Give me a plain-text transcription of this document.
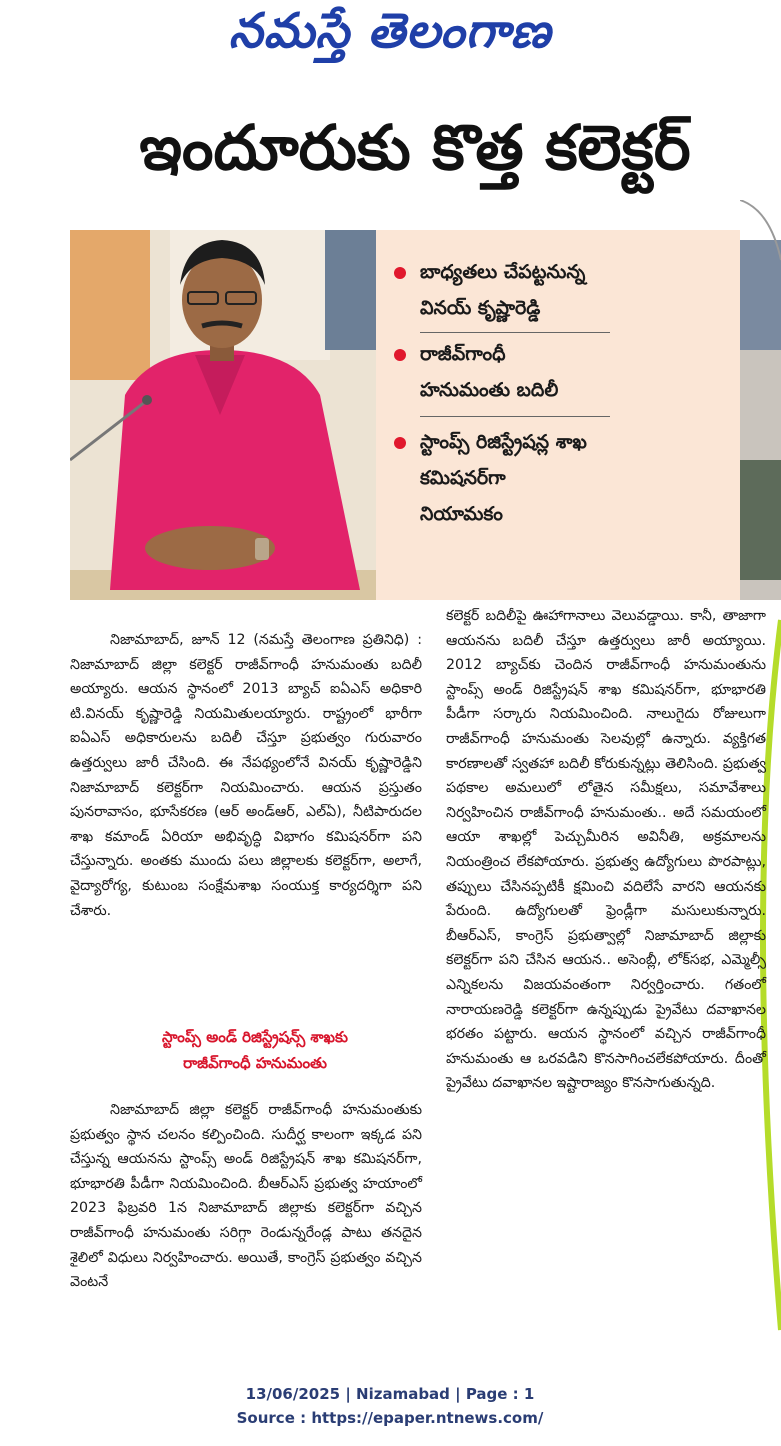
నమస్తే తెలంగాణ
ఇందూరుకు కొత్త కలెక్టర్
బాధ్యతలు చేపట్టనున్న
వినయ్ కృష్ణారెడ్డి
రాజీవ్‌గాంధీ
హనుమంతు బదిలీ
స్టాంప్స్ రిజిస్ట్రేషన్ల శాఖ
కమిషనర్‌గా
నియామకం

నిజామాబాద్, జూన్ 12 (నమస్తే తెలంగాణ ప్రతినిధి) : నిజామాబాద్ జిల్లా కలెక్టర్ రాజీవ్‌గాంధీ హనుమంతు బదిలీ అయ్యారు. ఆయన స్థానంలో 2013 బ్యాచ్ ఐఏఎస్ అధికారి టి.వినయ్ కృష్ణారెడ్డి నియమితులయ్యారు. రాష్ట్రంలో భారీగా ఐఏఎస్ అధికారులను బదిలీ చేస్తూ ప్రభుత్వం గురువారం ఉత్తర్వులు జారీ చేసింది. ఈ నేపథ్యంలోనే వినయ్ కృష్ణారెడ్డిని నిజామాబాద్ కలెక్టర్‌గా నియమించారు. ఆయన ప్రస్తుతం పునరావాసం, భూసేకరణ (ఆర్ అండ్‌ఆర్, ఎల్‌ఏ), నీటిపారుదల శాఖ కమాండ్ ఏరియా అభివృద్ధి విభాగం కమిషనర్‌గా పని చేస్తున్నారు. అంతకు ముందు పలు జిల్లాలకు కలెక్టర్‌గా, అలాగే, వైద్యారోగ్య, కుటుంబ సంక్షేమశాఖ సంయుక్త కార్యదర్శిగా పని చేశారు.

స్టాంప్స్ అండ్ రిజిస్ట్రేషన్స్ శాఖకు
రాజీవ్‌గాంధీ హనుమంతు

నిజామాబాద్ జిల్లా కలెక్టర్ రాజీవ్‌గాంధీ హనుమంతుకు ప్రభుత్వం స్థాన చలనం కల్పించింది. సుదీర్ఘ కాలంగా ఇక్కడ పని చేస్తున్న ఆయనను స్టాంప్స్ అండ్ రిజిస్ట్రేషన్ శాఖ కమిషనర్‌గా, భూభారతి పీడీగా నియమించింది. బీఆర్‌ఎస్ ప్రభుత్వ హయాంలో 2023 ఫిబ్రవరి 1న నిజామాబాద్ జిల్లాకు కలెక్టర్‌గా వచ్చిన రాజీవ్‌గాంధీ హనుమంతు సరిగ్గా రెండున్నరేండ్ల పాటు తనదైన శైలిలో విధులు నిర్వహించారు. అయితే, కాంగ్రెస్ ప్రభుత్వం వచ్చిన వెంటనే

కలెక్టర్ బదిలీపై ఊహాగానాలు వెలువడ్డాయి. కానీ, తాజాగా ఆయనను బదిలీ చేస్తూ ఉత్తర్వులు జారీ అయ్యాయి. 2012 బ్యాచ్‌కు చెందిన రాజీవ్‌గాంధీ హనుమంతును స్టాంప్స్ అండ్ రిజిస్ట్రేషన్ శాఖ కమిషనర్‌గా, భూభారతి పీడీగా సర్కారు నియమించింది. నాలుగైదు రోజులుగా రాజీవ్‌గాంధీ హనుమంతు సెలవుల్లో ఉన్నారు. వ్యక్తిగత కారణాలతో స్వతహా బదిలీ కోరుకున్నట్లు తెలిసింది. ప్రభుత్వ పథకాల అమలులో లోతైన సమీక్షలు, సమావేశాలు నిర్వహించిన రాజీవ్‌గాంధీ హనుమంతు.. అదే సమయంలో ఆయా శాఖల్లో పెచ్చుమీరిన అవినీతి, అక్రమాలను నియంత్రించ లేకపోయారు. ప్రభుత్వ ఉద్యోగులు పొరపాట్లు, తప్పులు చేసినప్పటికీ క్షమించి వదిలేసే వారని ఆయనకు పేరుంది. ఉద్యోగులతో ఫ్రెండ్లీగా మసులుకున్నారు. బీఆర్‌ఎస్, కాంగ్రెస్ ప్రభుత్వాల్లో నిజామాబాద్ జిల్లాకు కలెక్టర్‌గా పని చేసిన ఆయన.. అసెంబ్లీ, లోక్‌సభ, ఎమ్మెల్సీ ఎన్నికలను విజయవంతంగా నిర్వర్తించారు. గతంలో నారాయణరెడ్డి కలెక్టర్‌గా ఉన్నప్పుడు ప్రైవేటు దవాఖానల భరతం పట్టారు. ఆయన స్థానంలో వచ్చిన రాజీవ్‌గాంధీ హనుమంతు ఆ ఒరవడిని కొనసాగించలేకపోయారు. దీంతో ప్రైవేటు దవాఖానల ఇష్టారాజ్యం కొనసాగుతున్నది.

13/06/2025 | Nizamabad | Page : 1
Source : https://epaper.ntnews.com/
